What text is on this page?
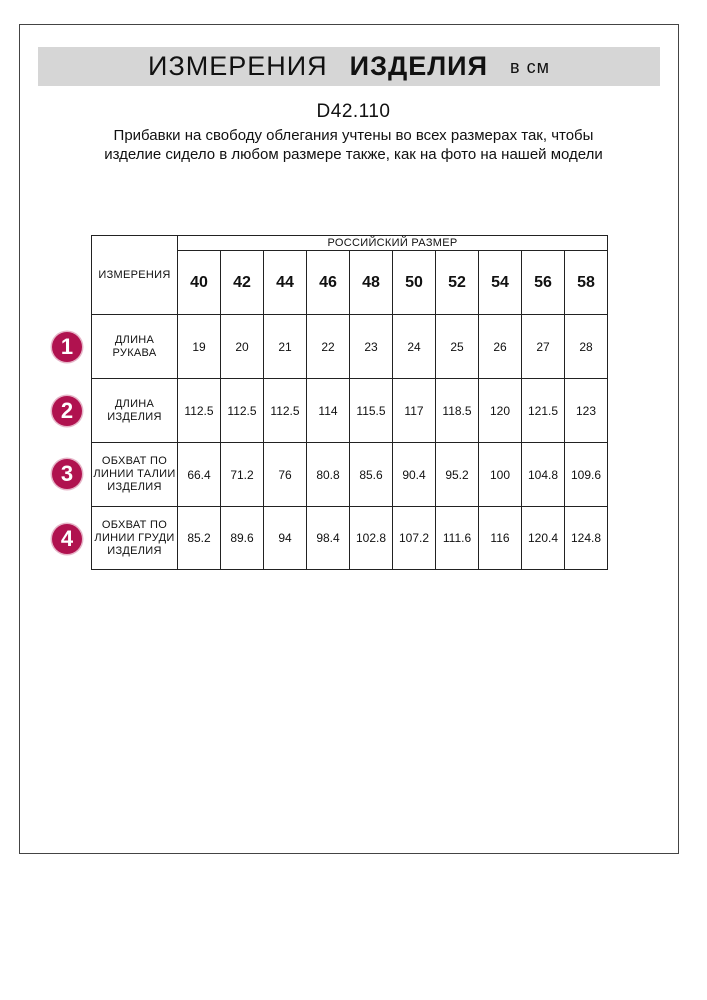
ИЗМЕРЕНИЯ ИЗДЕЛИЯ в см
D42.110
Прибавки на свободу облегания учтены во всех размерах так, чтобы изделие сидело в любом размере также, как на фото на нашей модели
1
2
3
4
ИЗМЕРЕНИЯ	РОССИЙСКИЙ РАЗМЕР									
	40	42	44	46	48	50	52	54	56	58
ДЛИНА РУКАВА	19	20	21	22	23	24	25	26	27	28
ДЛИНА ИЗДЕЛИЯ	112.5	112.5	112.5	114	115.5	117	118.5	120	121.5	123
ОБХВАТ ПО ЛИНИИ ТАЛИИ ИЗДЕЛИЯ	66.4	71.2	76	80.8	85.6	90.4	95.2	100	104.8	109.6
ОБХВАТ ПО ЛИНИИ ГРУДИ ИЗДЕЛИЯ	85.2	89.6	94	98.4	102.8	107.2	111.6	116	120.4	124.8
